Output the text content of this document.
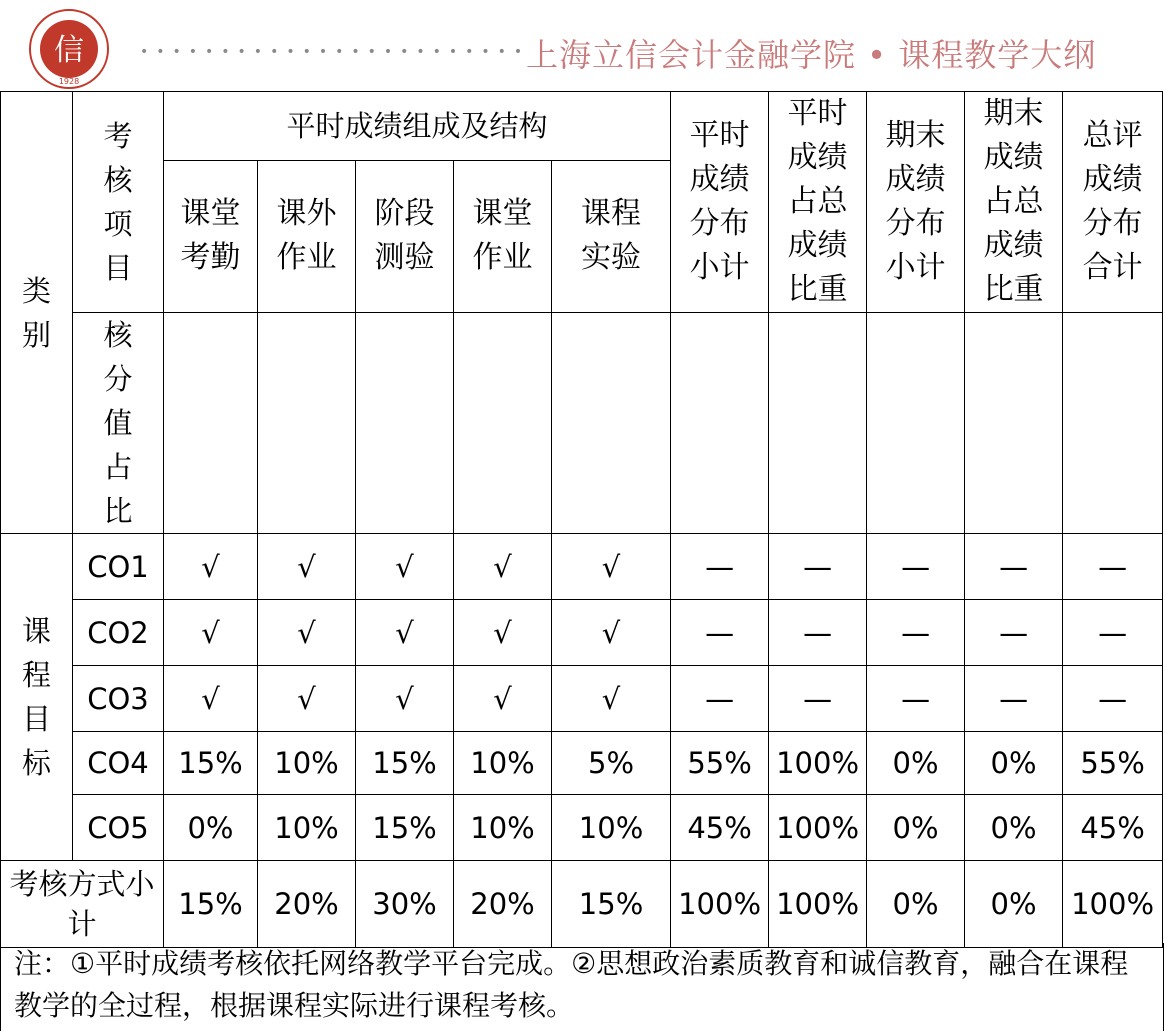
信
1928
••••••••••••••••••••••••
上海立信会计金融学院 • 课程教学大纲
类别	考核项目	平时成绩组成及结构					平时成绩分布小计	平时成绩占总成绩比重	期末成绩分布小计	期末成绩占总成绩比重	总评成绩分布合计
		课堂考勤	课外作业	阶段测验	课堂作业	课程实验					
	核分值占比										
课程目标	CO1	√	√	√	√	√	—	—	—	—	—
	CO2	√	√	√	√	√	—	—	—	—	—
	CO3	√	√	√	√	√	—	—	—	—	—
	CO4	15%	10%	15%	10%	5%	55%	100%	0%	0%	55%
	CO5	0%	10%	15%	10%	10%	45%	100%	0%	0%	45%
考核方式小计		15%	20%	30%	20%	15%	100%	100%	0%	0%	100%
注：①平时成绩考核依托网络教学平台完成。②思想政治素质教育和诚信教育，融合在课程教学的全过程，根据课程实际进行课程考核。
